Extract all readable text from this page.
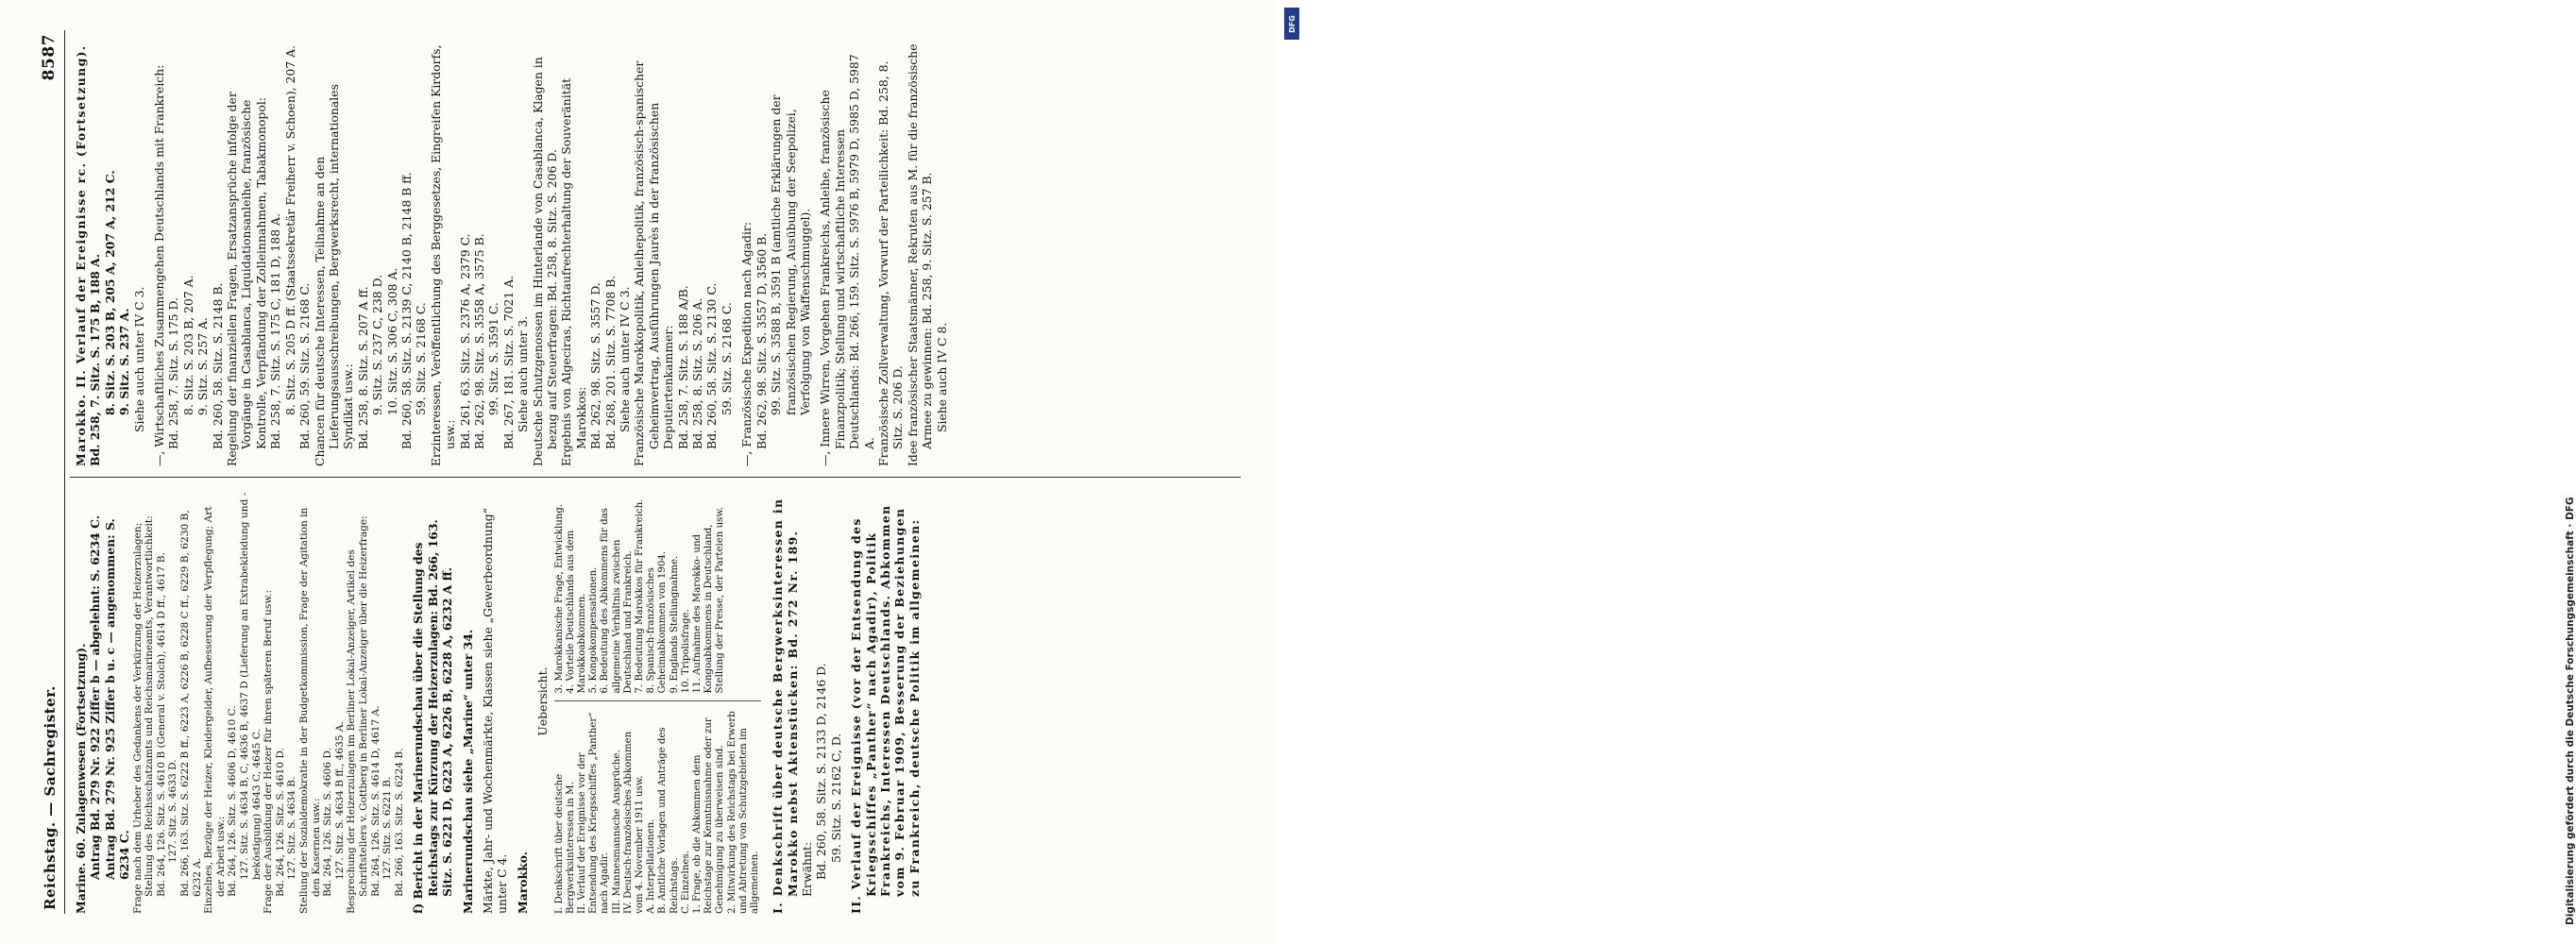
Reichstag. — Sachregister.
8587

Marine. 60. Zulagenwesen (Fortsetzung). Antrag Bd. 279 Nr. 922 Ziffer b — abgelehnt: S. 6234 C. Antrag Bd. 279 Nr. 925 Ziffer b u. c — angenommen: S. 6234 C. Frage nach dem Urheber des Gedankens der Verkürzung der Heizerzulagen; Stellung des Reichsschatzamts und Reichsmarineamts, Verantwortlichkeit: Bd. 264, 126. Sitz. S. 4610 B (General v. Stolch), 4614 D ff., 4617 B. 127. Sitz. S. 4633 D. Bd. 266, 163. Sitz. S. 6222 B ff., 6223 A, 6226 B, 6228 C ff., 6229 B, 6230 B, 6232 A. Einzelnes, Bezüge der Heizer, Kleidergelder, Aufbesserung der Verpflegung; Art der Arbeit usw.: Bd. 264, 126. Sitz. S. 4606 D, 4610 C. 127. Sitz. S. 4634 B, C, 4636 B, 4637 D (Lieferung an Extrabekleidung und -beköstigung) 4643 C, 4645 C. Frage der Ausbildung der Heizer für ihren späteren Beruf usw.: Bd. 264, 126. Sitz. S. 4610 D. 127. Sitz. S. 4634 B. Stellung der Sozialdemokratie in der Budgetkommission, Frage der Agitation in den Kasernen usw.: Bd. 264, 126. Sitz. S. 4606 D. 127. Sitz. S. 4634 B ff., 4635 A. Besprechung der Heizerzulagen im Berliner Lokal-Anzeiger, Artikel des Schriftstellers v. Gottberg in Berliner Lokal-Anzeiger über die Heizerfrage: Bd. 264, 126. Sitz. S. 4614 D, 4617 A. 127. Sitz. S. 6221 B. Bd. 266, 163. Sitz. S. 6224 B. f) Bericht in der Marinerundschau über die Stellung des Reichstags zur Kürzung der Heizerzulagen: Bd. 266, 163. Sitz. S. 6221 D, 6223 A, 6226 B, 6228 A, 6232 A ff. Marinerundschau siehe „Marine“ unter 34. Märkte, Jahr- und Wochenmärkte, Klassen siehe „Gewerbeordnung“ unter C 4. Marokko.

Uebersicht.

I. Denkschrift über deutsche Bergwerksinteressen in M. II. Verlauf der Ereignisse vor der Entsendung des Kriegsschiffes „Panther“ nach Agadir. III. Mannesmannsche Ansprüche. IV. Deutsch-französisches Abkommen vom 4. November 1911 usw. A. Interpellationen. B. Amtliche Vorlagen und Anträge des Reichstags. C. Einzelnes. 1. Frage, ob die Abkommen dem Reichstage zur Kenntnisnahme oder zur Genehmigung zu überweisen sind. 2. Mitwirkung des Reichstags bei Erwerb und Abtretung von Schutzgebieten im allgemeinen.
3. Marokkanische Frage, Entwicklung. 4. Vorteile Deutschlands aus dem Marokkoabkommen. 5. Kongokompensationen. 6. Bedeutung des Abkommens für das allgemeine Verhältnis zwischen Deutschland und Frankreich. 7. Bedeutung Marokkos für Frankreich. 8. Spanisch-französisches Geheimabkommen von 1904. 9. Englands Stellungnahme. 10. Tripolisfrage. 11. Aufnahme des Marokko- und Kongoabkommens in Deutschland, Stellung der Presse, der Parteien usw.	I. Denkschrift über deutsche Bergwerksinteressen in Marokko nebst Aktenstücken: Bd. 272 Nr. 189. Erwähnt: Bd. 260, 58. Sitz. S. 2133 D, 2146 D. 59. Sitz. S. 2162 C, D. II. Verlauf der Ereignisse (vor der Entsendung des Kriegsschiffes „Panther“ nach Agadir), Politik Frankreichs, Interessen Deutschlands. Abkommen vom 9. Februar 1909, Besserung der Beziehungen zu Frankreich, deutsche Politik im allgemeinen:

Marokko. II. Verlauf der Ereignisse rc. (Fortsetzung). Bd. 258, 7. Sitz. S. 175 B, 188 A. 8. Sitz. S. 203 B, 205 A, 207 A, 212 C. 9. Sitz. S. 237 A. Siehe auch unter IV C 3. —, Wirtschaftliches Zusammengehen Deutschlands mit Frankreich: Bd. 258, 7. Sitz. S. 175 D. 8. Sitz. S. 203 B, 207 A. 9. Sitz. S. 257 A. Bd. 260, 58. Sitz. S. 2148 B. Regelung der finanziellen Fragen, Ersatzansprüche infolge der Vorgänge in Casablanca, Liquidationsanleihe, französische Kontrolle, Verpfändung der Zolleinnahmen, Tabakmonopol: Bd. 258, 7. Sitz. S. 175 C, 181 D, 188 A. 8. Sitz. S. 205 D ff. (Staatssekretär Freiherr v. Schoen), 207 A. Bd. 260, 59. Sitz. S. 2168 C. Chancen für deutsche Interessen, Teilnahme an den Lieferungsausschreibungen, Bergwerksrecht, internationales Syndikat usw.: Bd. 258, 8. Sitz. S. 207 A ff. 9. Sitz. S. 237 C, 238 D. 10. Sitz. S. 306 C, 308 A. Bd. 260, 58. Sitz. S. 2139 C, 2140 B, 2148 B ff. 59. Sitz. S. 2168 C. Erzinteressen, Veröffentlichung des Berggesetzes, Eingreifen Kirdorfs, usw.: Bd. 261, 63. Sitz. S. 2376 A, 2379 C. Bd. 262, 98. Sitz. S. 3558 A, 3575 B. 99. Sitz. S. 3591 C. Bd. 267, 181. Sitz. S. 7021 A. Siehe auch unter 3. Deutsche Schutzgenossen im Hinterlande von Casablanca, Klagen in bezug auf Steuerfragen: Bd. 258, 8. Sitz. S. 206 D. Ergebnis von Algeciras, Richtaufrechterhaltung der Souveränität Marokkos: Bd. 262, 98. Sitz. S. 3557 D. Bd. 268, 201. Sitz. S. 7708 B. Siehe auch unter IV C 3. Französische Marokkopolitik, Anleihepolitik, französisch-spanischer Geheimvertrag, Ausführungen Jaurès in der französischen Deputiertenkammer: Bd. 258, 7. Sitz. S. 188 A/B. Bd. 258, 8. Sitz. S. 206 A. Bd. 260, 58. Sitz. S. 2130 C. 59. Sitz. S. 2168 C. —, Französische Expedition nach Agadir: Bd. 262, 98. Sitz. S. 3557 D, 3560 B. 99. Sitz. S. 3588 B, 3591 B (amtliche Erklärungen der französischen Regierung, Ausübung der Seepolizei, Verfolgung von Waffenschmuggel). —, Innere Wirren, Vorgehen Frankreichs, Anleihe, französische Finanzpolitik; Stellung und wirtschaftliche Interessen Deutschlands: Bd. 266, 159. Sitz. S. 5976 B, 5979 D, 5985 D, 5987 A. Französische Zollverwaltung, Vorwurf der Parteilichkeit: Bd. 258, 8. Sitz. S. 206 D. Idee französischer Staatsmänner, Rekruten aus M. für die französische Armee zu gewinnen: Bd. 258, 9. Sitz. S. 257 B. Siehe auch IV C 8.

Digitalisierung gefördert durch die Deutsche Forschungsgemeinschaft · DFG
DFG
